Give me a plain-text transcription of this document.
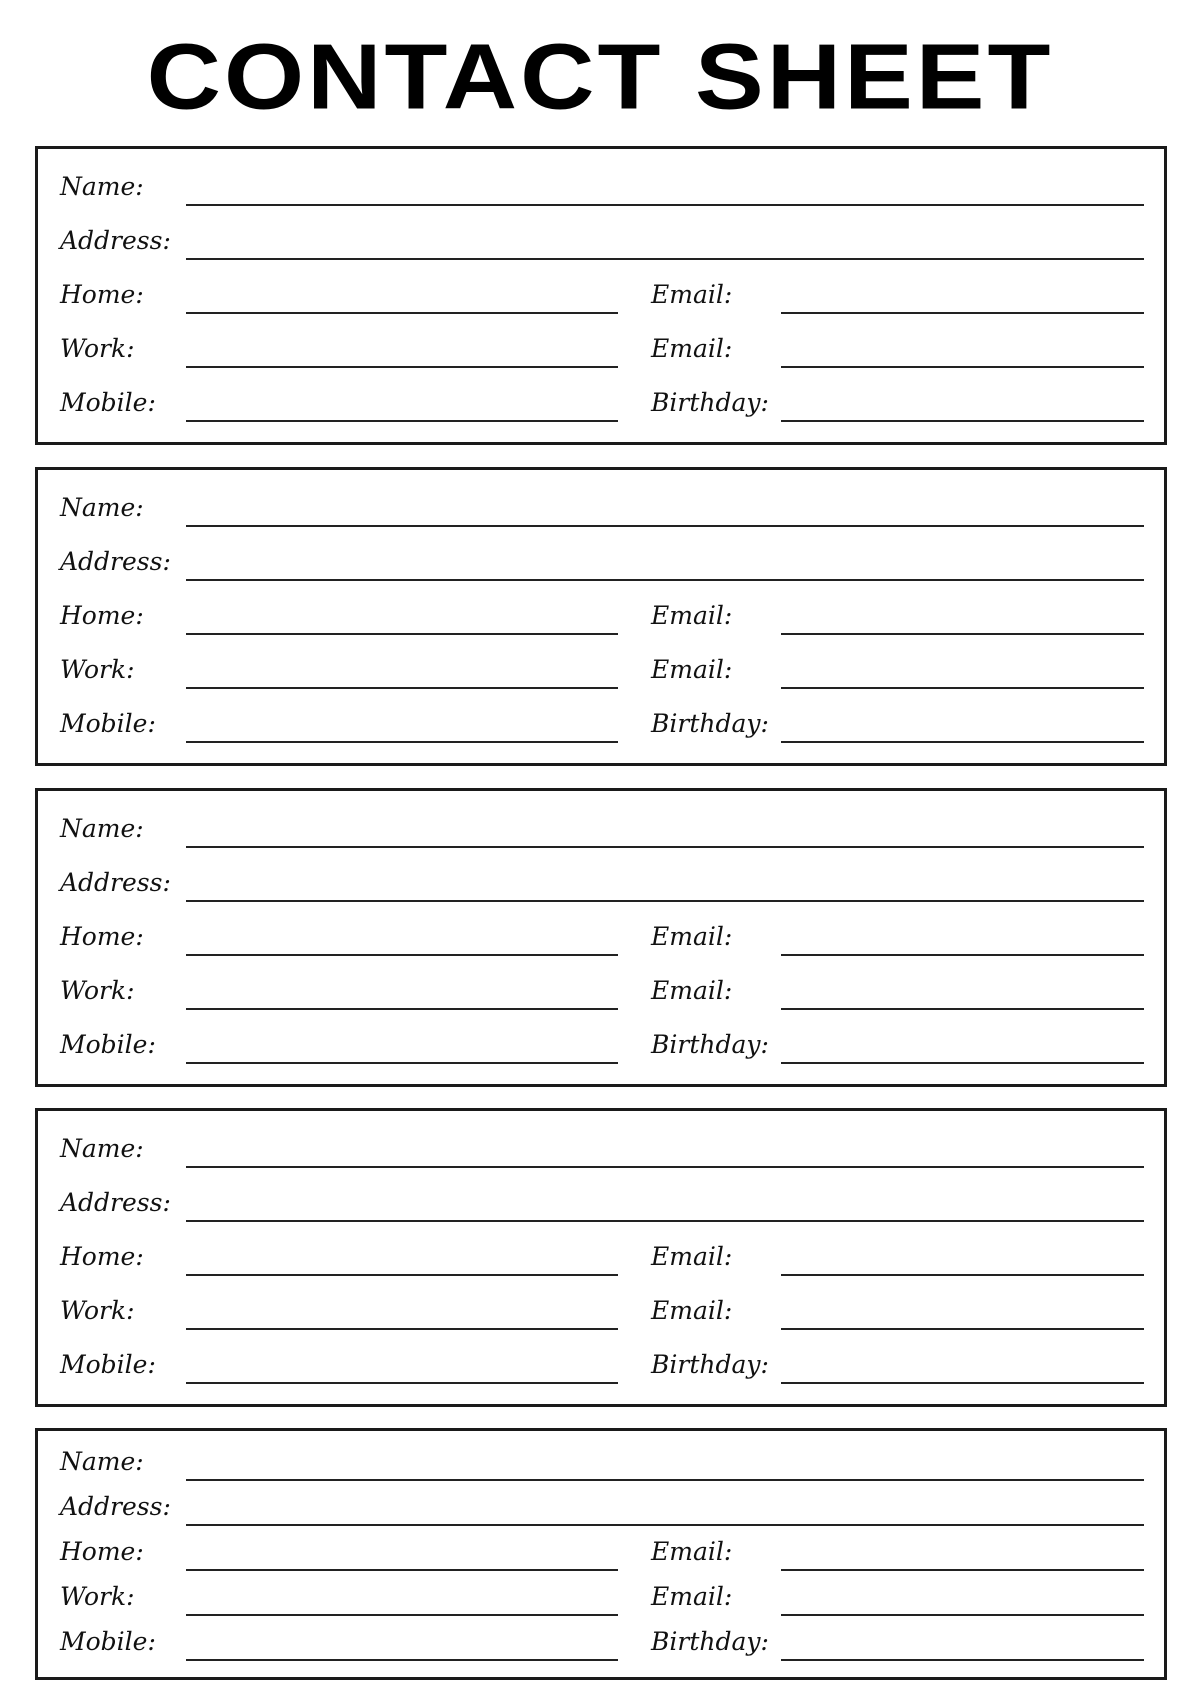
CONTACT SHEET
Name:
Address:
Home:	Email:
Work:	Email:
Mobile:	Birthday:
Name:
Address:
Home:	Email:
Work:	Email:
Mobile:	Birthday:
Name:
Address:
Home:	Email:
Work:	Email:
Mobile:	Birthday:
Name:
Address:
Home:	Email:
Work:	Email:
Mobile:	Birthday:
Name:
Address:
Home:	Email:
Work:	Email:
Mobile:	Birthday:
